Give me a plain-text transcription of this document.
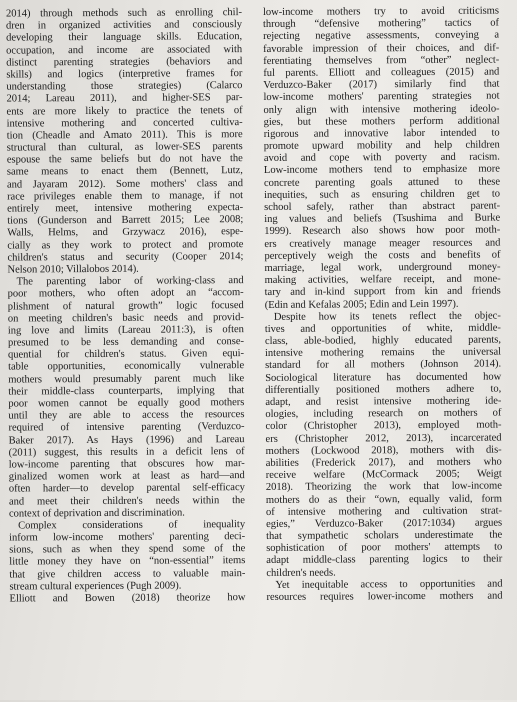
2014) through methods such as enrolling chil-
dren in organized activities and consciously
developing their language skills. Education,
occupation, and income are associated with
distinct parenting strategies (behaviors and
skills) and logics (interpretive frames for
understanding those strategies) (Calarco
2014; Lareau 2011), and higher-SES par-
ents are more likely to practice the tenets of
intensive mothering and concerted cultiva-
tion (Cheadle and Amato 2011). This is more
structural than cultural, as lower-SES parents
espouse the same beliefs but do not have the
same means to enact them (Bennett, Lutz,
and Jayaram 2012). Some mothers' class and
race privileges enable them to manage, if not
entirely meet, intensive mothering expecta-
tions (Gunderson and Barrett 2015; Lee 2008;
Walls, Helms, and Grzywacz 2016), espe-
cially as they work to protect and promote
children's status and security (Cooper 2014;
Nelson 2010; Villalobos 2014).
The parenting labor of working-class and
poor mothers, who often adopt an “accom-
plishment of natural growth” logic focused
on meeting children's basic needs and provid-
ing love and limits (Lareau 2011:3), is often
presumed to be less demanding and conse-
quential for children's status. Given equi-
table opportunities, economically vulnerable
mothers would presumably parent much like
their middle-class counterparts, implying that
poor women cannot be equally good mothers
until they are able to access the resources
required of intensive parenting (Verduzco-
Baker 2017). As Hays (1996) and Lareau
(2011) suggest, this results in a deficit lens of
low-income parenting that obscures how mar-
ginalized women work at least as hard—and
often harder—to develop parental self-efficacy
and meet their children's needs within the
context of deprivation and discrimination.
Complex considerations of inequality
inform low-income mothers' parenting deci-
sions, such as when they spend some of the
little money they have on “non-essential” items
that give children access to valuable main-
stream cultural experiences (Pugh 2009).
Elliott and Bowen (2018) theorize how
low-income mothers try to avoid criticisms
through “defensive mothering” tactics of
rejecting negative assessments, conveying a
favorable impression of their choices, and dif-
ferentiating themselves from “other” neglect-
ful parents. Elliott and colleagues (2015) and
Verduzco-Baker (2017) similarly find that
low-income mothers' parenting strategies not
only align with intensive mothering ideolo-
gies, but these mothers perform additional
rigorous and innovative labor intended to
promote upward mobility and help children
avoid and cope with poverty and racism.
Low-income mothers tend to emphasize more
concrete parenting goals attuned to these
inequities, such as ensuring children get to
school safely, rather than abstract parent-
ing values and beliefs (Tsushima and Burke
1999). Research also shows how poor moth-
ers creatively manage meager resources and
perceptively weigh the costs and benefits of
marriage, legal work, underground money-
making activities, welfare receipt, and mone-
tary and in-kind support from kin and friends
(Edin and Kefalas 2005; Edin and Lein 1997).
Despite how its tenets reflect the objec-
tives and opportunities of white, middle-
class, able-bodied, highly educated parents,
intensive mothering remains the universal
standard for all mothers (Johnson 2014).
Sociological literature has documented how
differentially positioned mothers adhere to,
adapt, and resist intensive mothering ide-
ologies, including research on mothers of
color (Christopher 2013), employed moth-
ers (Christopher 2012, 2013), incarcerated
mothers (Lockwood 2018), mothers with dis-
abilities (Frederick 2017), and mothers who
receive welfare (McCormack 2005; Weigt
2018). Theorizing the work that low-income
mothers do as their “own, equally valid, form
of intensive mothering and cultivation strat-
egies,” Verduzco-Baker (2017:1034) argues
that sympathetic scholars underestimate the
sophistication of poor mothers' attempts to
adapt middle-class parenting logics to their
children's needs.
Yet inequitable access to opportunities and
resources requires lower-income mothers and
